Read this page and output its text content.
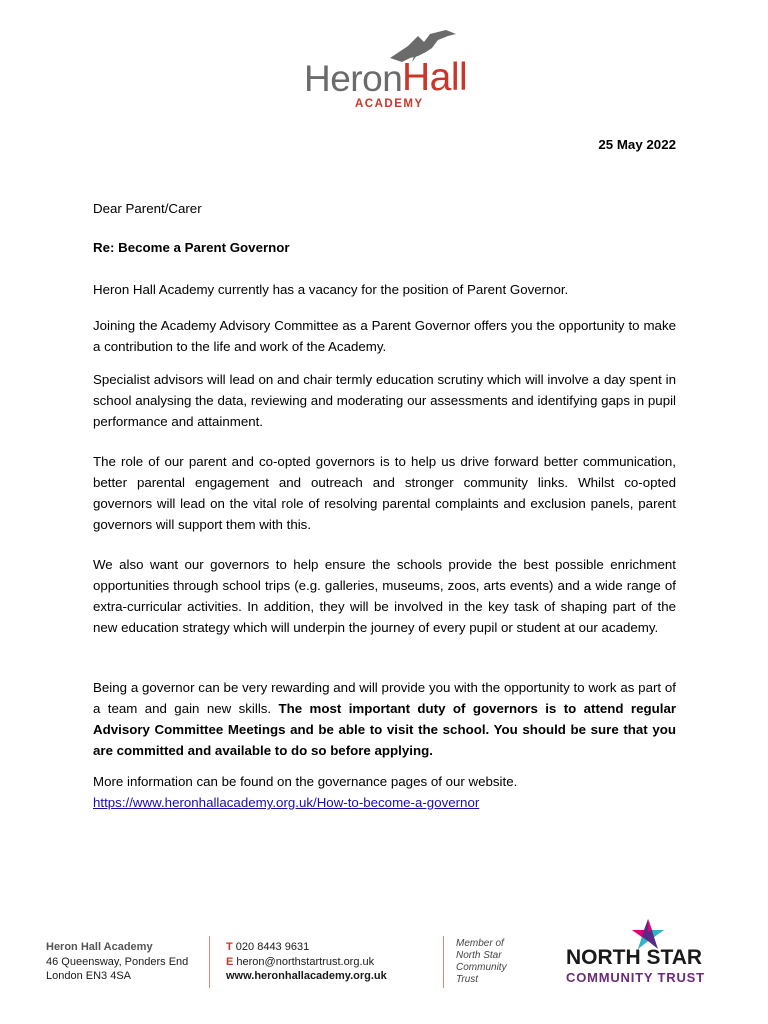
Heron Hall
ACADEMY
25 May 2022

Dear Parent/Carer

Re: Become a Parent Governor

Heron Hall Academy currently has a vacancy for the position of Parent Governor.

Joining the Academy Advisory Committee as a Parent Governor offers you the opportunity to make a contribution to the life and work of the Academy.

Specialist advisors will lead on and chair termly education scrutiny which will involve a day spent in school analysing the data, reviewing and moderating our assessments and identifying gaps in pupil performance and attainment.

The role of our parent and co-opted governors is to help us drive forward better communication, better parental engagement and outreach and stronger community links. Whilst co-opted governors will lead on the vital role of resolving parental complaints and exclusion panels, parent governors will support them with this.

We also want our governors to help ensure the schools provide the best possible enrichment opportunities through school trips (e.g. galleries, museums, zoos, arts events) and a wide range of extra-curricular activities. In addition, they will be involved in the key task of shaping part of the new education strategy which will underpin the journey of every pupil or student at our academy.

Being a governor can be very rewarding and will provide you with the opportunity to work as part of a team and gain new skills. The most important duty of governors is to attend regular Advisory Committee Meetings and be able to visit the school. You should be sure that you are committed and available to do so before applying.

More information can be found on the governance pages of our website.
https://www.heronhallacademy.org.uk/How-to-become-a-governor

Heron Hall Academy
46 Queensway, Ponders End
London EN3 4SA
T 020 8443 9631
E heron@northstartrust.org.uk
www.heronhallacademy.org.uk
Member of
North Star
Community
Trust
NORTH STAR
COMMUNITY TRUST
